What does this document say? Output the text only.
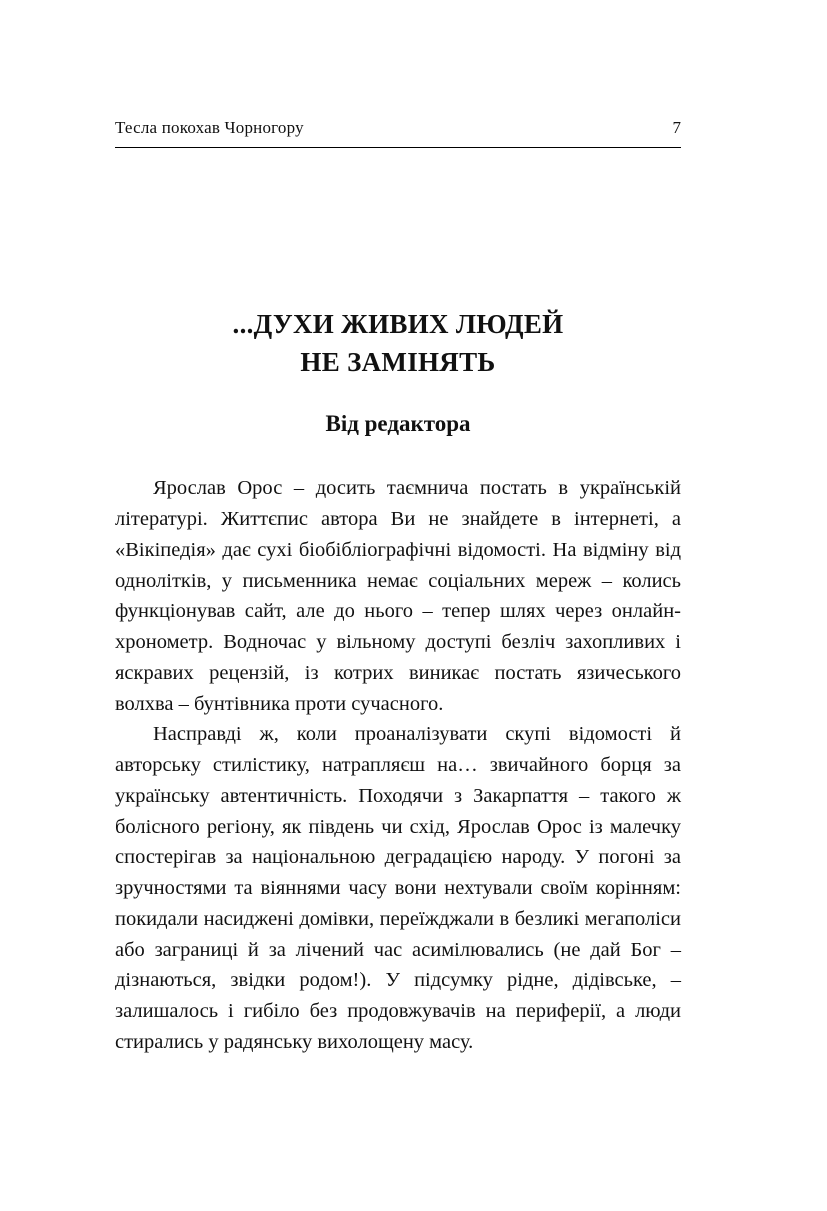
Тесла покохав Чорногору	7
...ДУХИ ЖИВИХ ЛЮДЕЙ
НЕ ЗАМІНЯТЬ
Від редактора

Ярослав Орос – досить таємнича постать в українській літературі. Життєпис автора Ви не знайдете в інтернеті, а «Вікіпедія» дає сухі біобібліографічні відомості. На відміну від однолітків, у письменника немає соціальних мереж – колись функціонував сайт, але до нього – тепер шлях через онлайн-хронометр. Водночас у вільному доступі безліч захопливих і яскравих рецензій, із котрих виникає постать язичеського волхва – бунтівника проти сучасного.

Насправді ж, коли проаналізувати скупі відомості й авторську стилістику, натрапляєш на… звичайного борця за українську автентичність. Походячи з Закарпаття – такого ж болісного регіону, як південь чи схід, Ярослав Орос із малечку спостерігав за національною деградацією народу. У погоні за зручностями та віяннями часу вони нехтували своїм корінням: покидали насиджені домівки, переїжджали в безликі мегаполіси або заграниці й за лічений час асимілювались (не дай Бог – дізнаються, звідки родом!). У підсумку рідне, дідівське, – залишалось і гибіло без продовжувачів на периферії, а люди стирались у радянську вихолощену масу.
